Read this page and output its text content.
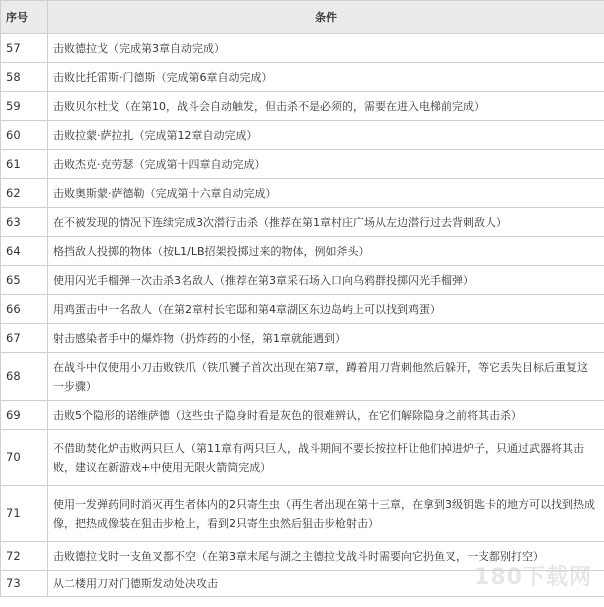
序号	条件
57	击败德拉戈（完成第3章自动完成）
58	击败比托雷斯·门德斯（完成第6章自动完成）
59	击败贝尔杜戈（在第10，战斗会自动触发，但击杀不是必须的，需要在进入电梯前完成）
60	击败拉蒙·萨拉扎（完成第12章自动完成）
61	击败杰克·克劳瑟（完成第十四章自动完成）
62	击败奥斯蒙·萨德勒（完成第十六章自动完成）
63	在不被发现的情况下连续完成3次潜行击杀（推荐在第1章村庄广场从左边潜行过去背刺敌人）
64	格挡敌人投掷的物体（按L1/LB招架投掷过来的物体，例如斧头）
65	使用闪光手榴弹一次击杀3名敌人（推荐在第3章采石场入口向乌鸦群投掷闪光手榴弹）
66	用鸡蛋击中一名敌人（在第2章村长宅邸和第4章湖区东边岛屿上可以找到鸡蛋）
67	射击感染者手中的爆炸物（扔炸药的小怪，第1章就能遇到）
68	在战斗中仅使用小刀击败铁爪（铁爪饕子首次出现在第7章，蹲着用刀背刺他然后躲开，等它丢失目标后重复这一步骤）
69	击败5个隐形的诺维萨德（这些虫子隐身时看是灰色的很难辨认，在它们解除隐身之前将其击杀）
70	不借助焚化炉击败两只巨人（第11章有两只巨人，战斗期间不要长按拉杆让他们掉进炉子，只通过武器将其击败，建议在新游戏+中使用无限火箭筒完成）
71	使用一发弹药同时消灭再生者体内的2只寄生虫（再生者出现在第十三章，在拿到3级钥匙卡的地方可以找到热成像，把热成像装在狙击步枪上，看到2只寄生虫然后狙击步枪射击）
72	击败德拉戈时一支鱼叉都不空（在第3章末尾与湖之主德拉戈战斗时需要向它扔鱼叉，一支都别打空）
73	从二楼用刀对门德斯发动处决攻击	180下载网
